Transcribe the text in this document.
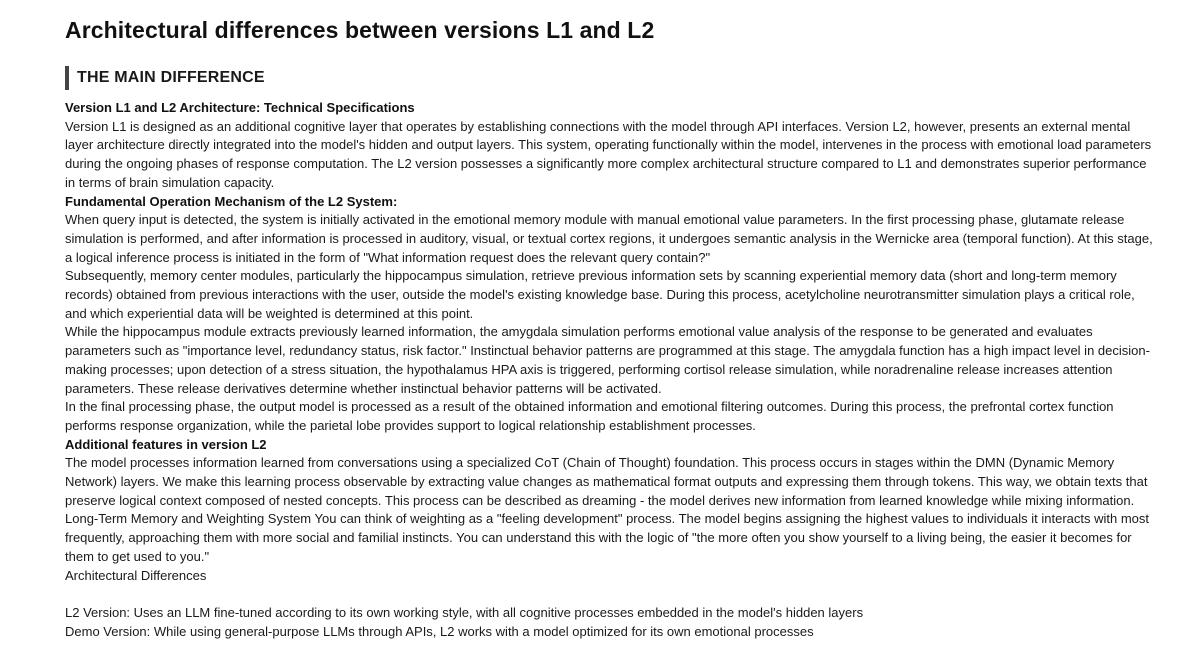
Architectural differences between versions L1 and L2
THE MAIN DIFFERENCE

Version L1 and L2 Architecture: Technical Specifications

Version L1 is designed as an additional cognitive layer that operates by establishing connections with the model through API interfaces. Version L2, however, presents an external mental layer architecture directly integrated into the model's hidden and output layers. This system, operating functionally within the model, intervenes in the process with emotional load parameters during the ongoing phases of response computation. The L2 version possesses a significantly more complex architectural structure compared to L1 and demonstrates superior performance in terms of brain simulation capacity.

Fundamental Operation Mechanism of the L2 System:

When query input is detected, the system is initially activated in the emotional memory module with manual emotional value parameters. In the first processing phase, glutamate release simulation is performed, and after information is processed in auditory, visual, or textual cortex regions, it undergoes semantic analysis in the Wernicke area (temporal function). At this stage, a logical inference process is initiated in the form of "What information request does the relevant query contain?"

Subsequently, memory center modules, particularly the hippocampus simulation, retrieve previous information sets by scanning experiential memory data (short and long-term memory records) obtained from previous interactions with the user, outside the model's existing knowledge base. During this process, acetylcholine neurotransmitter simulation plays a critical role, and which experiential data will be weighted is determined at this point.

While the hippocampus module extracts previously learned information, the amygdala simulation performs emotional value analysis of the response to be generated and evaluates parameters such as "importance level, redundancy status, risk factor." Instinctual behavior patterns are programmed at this stage. The amygdala function has a high impact level in decision-making processes; upon detection of a stress situation, the hypothalamus HPA axis is triggered, performing cortisol release simulation, while noradrenaline release increases attention parameters. These release derivatives determine whether instinctual behavior patterns will be activated.

In the final processing phase, the output model is processed as a result of the obtained information and emotional filtering outcomes. During this process, the prefrontal cortex function performs response organization, while the parietal lobe provides support to logical relationship establishment processes.

Additional features in version L2

The model processes information learned from conversations using a specialized CoT (Chain of Thought) foundation. This process occurs in stages within the DMN (Dynamic Memory Network) layers. We make this learning process observable by extracting value changes as mathematical format outputs and expressing them through tokens. This way, we obtain texts that preserve logical context composed of nested concepts. This process can be described as dreaming - the model derives new information from learned knowledge while mixing information.

Long-Term Memory and Weighting System You can think of weighting as a "feeling development" process. The model begins assigning the highest values to individuals it interacts with most frequently, approaching them with more social and familial instincts. You can understand this with the logic of "the more often you show yourself to a living being, the easier it becomes for them to get used to you."

Architectural Differences

L2 Version: Uses an LLM fine-tuned according to its own working style, with all cognitive processes embedded in the model's hidden layers

Demo Version: While using general-purpose LLMs through APIs, L2 works with a model optimized for its own emotional processes
